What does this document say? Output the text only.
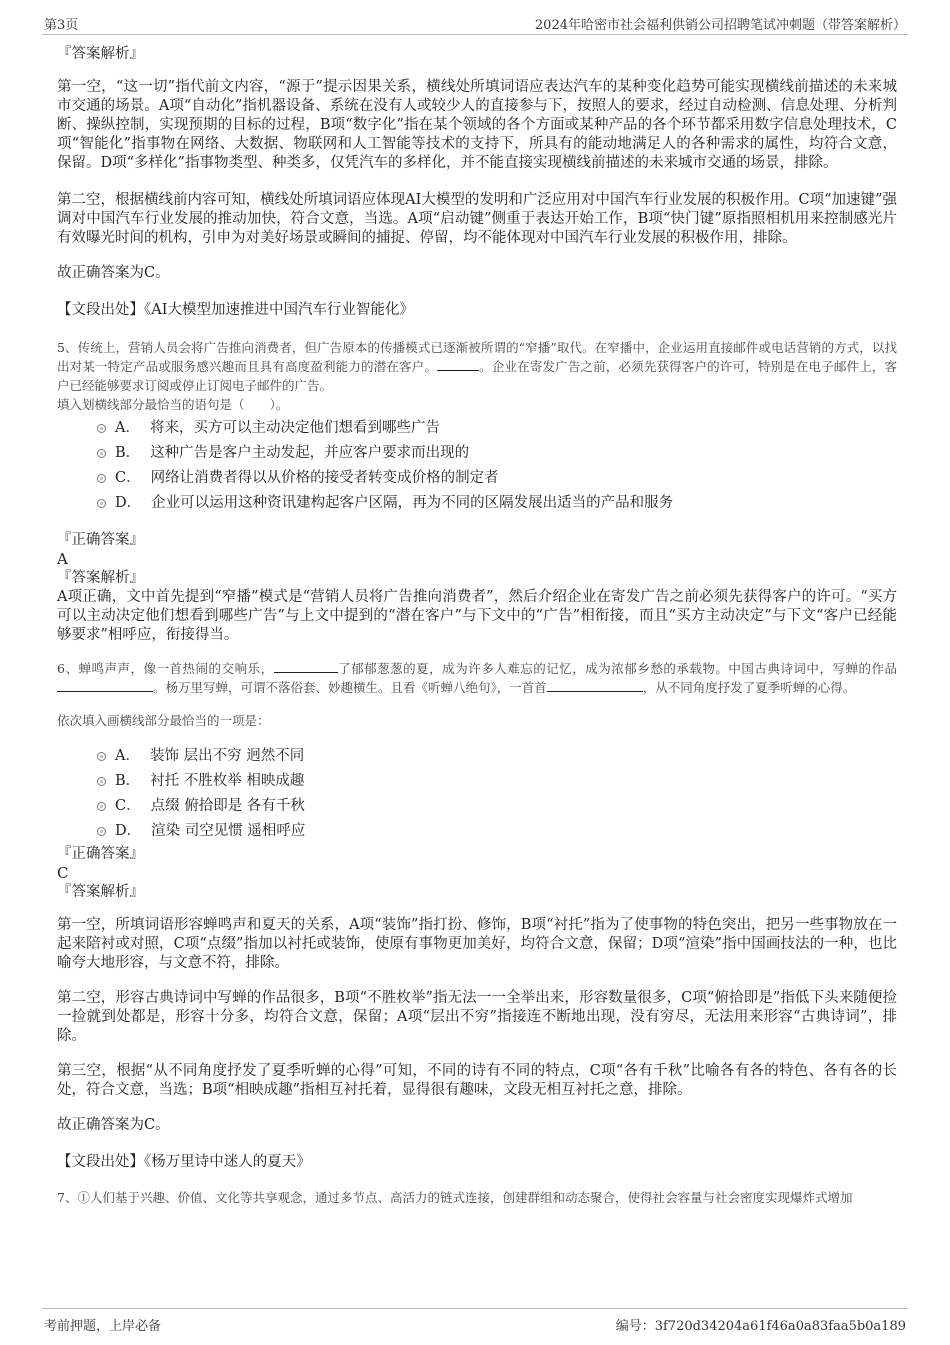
第3页	2024年哈密市社会福利供销公司招聘笔试冲刺题（带答案解析）

『答案解析』

第一空，“这一切”指代前文内容，“源于”提示因果关系，横线处所填词语应表达汽车的某种变化趋势可能实现横线前描述的未来城市交通的场景。A项“自动化”指机器设备、系统在没有人或较少人的直接参与下，按照人的要求，经过自动检测、信息处理、分析判断、操纵控制，实现预期的目标的过程，B项“数字化”指在某个领域的各个方面或某种产品的各个环节都采用数字信息处理技术，C项“智能化”指事物在网络、大数据、物联网和人工智能等技术的支持下，所具有的能动地满足人的各种需求的属性，均符合文意，保留。D项“多样化”指事物类型、种类多，仅凭汽车的多样化，并不能直接实现横线前描述的未来城市交通的场景，排除。

第二空，根据横线前内容可知，横线处所填词语应体现AI大模型的发明和广泛应用对中国汽车行业发展的积极作用。C项“加速键”强调对中国汽车行业发展的推动加快，符合文意，当选。A项“启动键”侧重于表达开始工作，B项“快门键”原指照相机用来控制感光片有效曝光时间的机构，引申为对美好场景或瞬间的捕捉、停留，均不能体现对中国汽车行业发展的积极作用，排除。

故正确答案为C。

【文段出处】《AI大模型加速推进中国汽车行业智能化》

5、传统上，营销人员会将广告推向消费者，但广告原本的传播模式已逐渐被所谓的“窄播”取代。在窄播中，企业运用直接邮件或电话营销的方式，以找出对某一特定产品或服务感兴趣而且具有高度盈利能力的潜在客户。	。企业在寄发广告之前，必须先获得客户的许可，特别是在电子邮件上，客户已经能够要求订阅或停止订阅电子邮件的广告。

填入划横线部分最恰当的语句是（　　）。

A． 将来，买方可以主动决定他们想看到哪些广告
B． 这种广告是客户主动发起，并应客户要求而出现的
C． 网络让消费者得以从价格的接受者转变成价格的制定者
D． 企业可以运用这种资讯建构起客户区隔，再为不同的区隔发展出适当的产品和服务

『正确答案』

A

『答案解析』

A项正确，文中首先提到“窄播”模式是“营销人员将广告推向消费者”，然后介绍企业在寄发广告之前必须先获得客户的许可。“买方可以主动决定他们想看到哪些广告”与上文中提到的“潜在客户”与下文中的“广告”相衔接，而且“买方主动决定”与下文“客户已经能够要求”相呼应，衔接得当。

6、蝉鸣声声，像一首热闹的交响乐，	了郁郁葱葱的夏，成为许多人难忘的记忆，成为浓郁乡愁的承载物。中国古典诗词中，写蝉的作品。杨万里写蝉，可谓不落俗套、妙趣横生。且看《听蝉八绝句》，一首首	，从不同角度抒发了夏季听蝉的心得。

依次填入画横线部分最恰当的一项是：

A． 装饰 层出不穷 迥然不同
B． 衬托 不胜枚举 相映成趣
C． 点缀 俯拾即是 各有千秋
D． 渲染 司空见惯 遥相呼应

『正确答案』

C

『答案解析』

第一空，所填词语形容蝉鸣声和夏天的关系，A项“装饰”指打扮、修饰，B项“衬托”指为了使事物的特色突出，把另一些事物放在一起来陪衬或对照，C项“点缀”指加以衬托或装饰，使原有事物更加美好，均符合文意，保留；D项“渲染”指中国画技法的一种，也比喻夸大地形容，与文意不符，排除。

第二空，形容古典诗词中写蝉的作品很多，B项“不胜枚举”指无法一一全举出来，形容数量很多，C项“俯拾即是”指低下头来随便捡一捡就到处都是，形容十分多，均符合文意，保留；A项“层出不穷”指接连不断地出现，没有穷尽，无法用来形容“古典诗词”，排除。

第三空，根据“从不同角度抒发了夏季听蝉的心得”可知，不同的诗有不同的特点，C项“各有千秋”比喻各有各的特色、各有各的长处，符合文意，当选；B项“相映成趣”指相互衬托着，显得很有趣味，文段无相互衬托之意，排除。

故正确答案为C。

【文段出处】《杨万里诗中迷人的夏天》

7、①人们基于兴趣、价值、文化等共享观念，通过多节点、高活力的链式连接，创建群组和动态聚合，使得社会容量与社会密度实现爆炸式增加

考前押题，上岸必备	编号：3f720d34204a61f46a0a83faa5b0a189
